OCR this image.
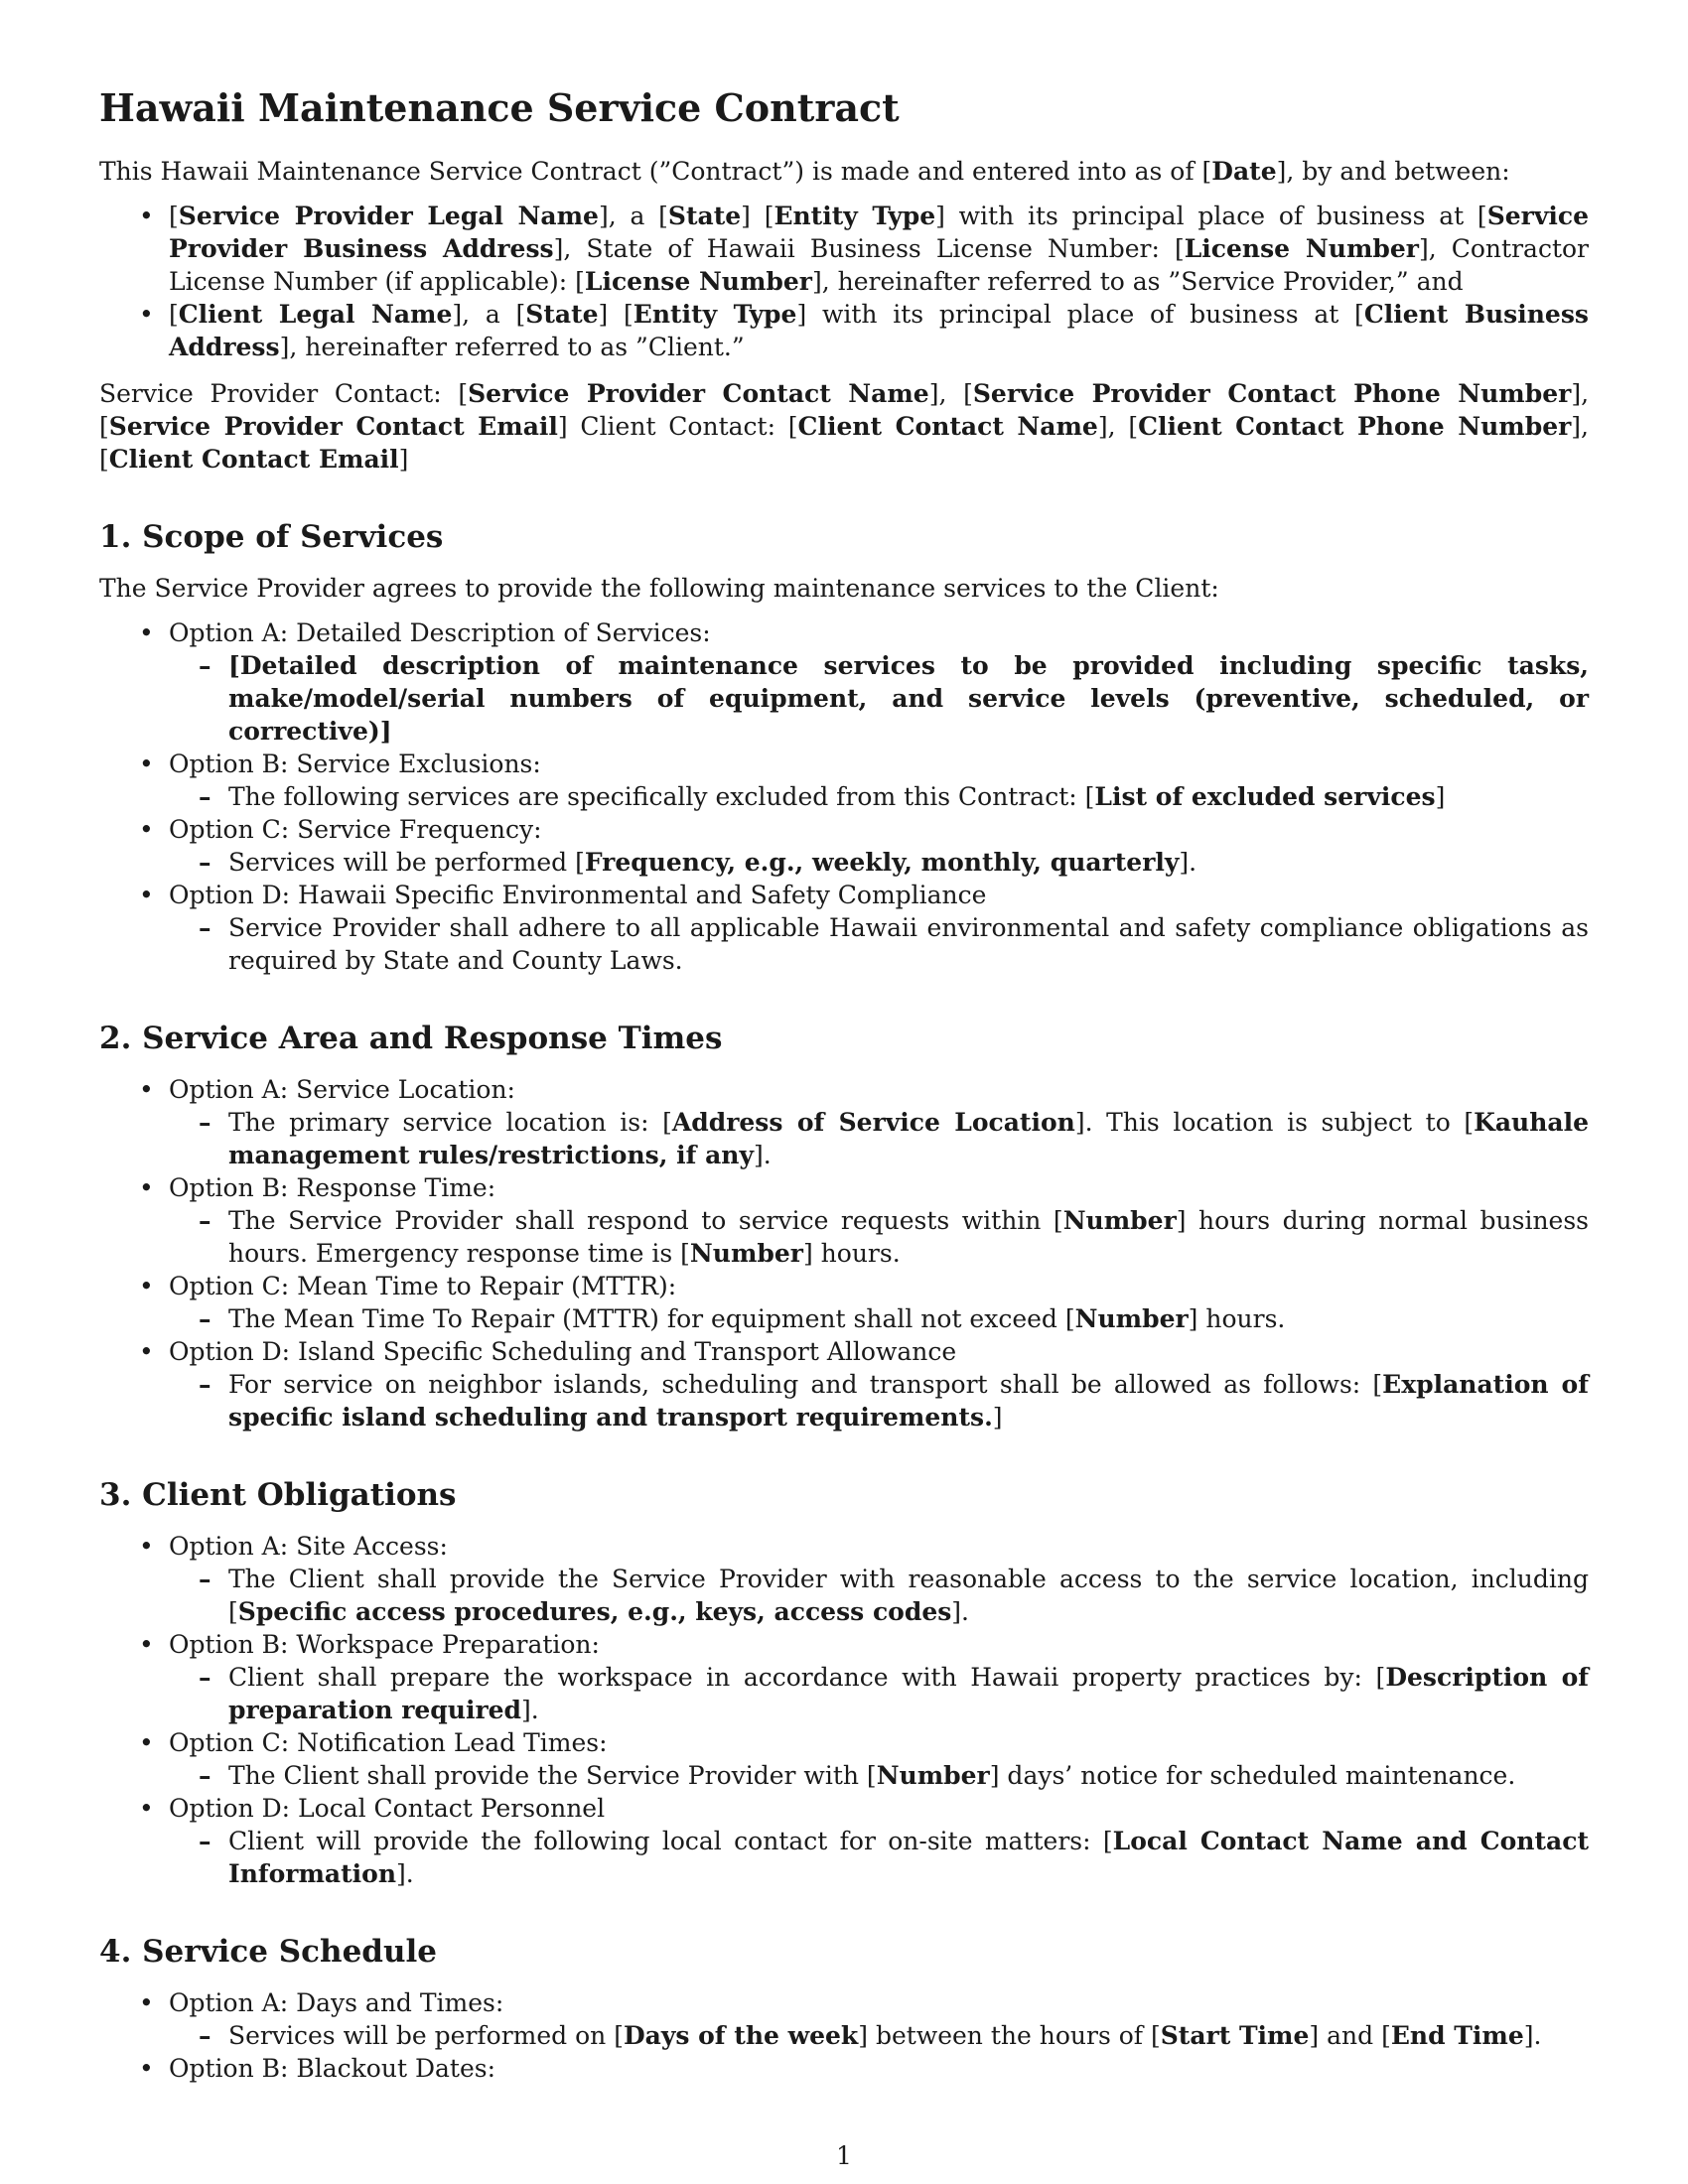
Hawaii Maintenance Service Contract

This Hawaii Maintenance Service Contract (”Contract”) is made and entered into as of [Date], by and between:

• [Service Provider Legal Name], a [State] [Entity Type] with its principal place of business at [Service Provider Business Address], State of Hawaii Business License Number: [License Number], Contractor License Number (if applicable): [License Number], hereinafter referred to as ”Service Provider,” and
• [Client Legal Name], a [State] [Entity Type] with its principal place of business at [Client Business Address], hereinafter referred to as ”Client.”

Service Provider Contact: [Service Provider Contact Name], [Service Provider Contact Phone Number], [Service Provider Contact Email] Client Contact: [Client Contact Name], [Client Contact Phone Number], [Client Contact Email]

1. Scope of Services

The Service Provider agrees to provide the following maintenance services to the Client:

• Option A: Detailed Description of Services:
– [Detailed description of maintenance services to be provided including specific tasks, make/model/serial numbers of equipment, and service levels (preventive, scheduled, or corrective)]
• Option B: Service Exclusions:
– The following services are specifically excluded from this Contract: [List of excluded services]
• Option C: Service Frequency:
– Services will be performed [Frequency, e.g., weekly, monthly, quarterly].
• Option D: Hawaii Specific Environmental and Safety Compliance
– Service Provider shall adhere to all applicable Hawaii environmental and safety compliance obligations as required by State and County Laws.
2. Service Area and Response Times
• Option A: Service Location:
– The primary service location is: [Address of Service Location]. This location is subject to [Kauhale management rules/restrictions, if any].
• Option B: Response Time:
– The Service Provider shall respond to service requests within [Number] hours during normal business hours. Emergency response time is [Number] hours.
• Option C: Mean Time to Repair (MTTR):
– The Mean Time To Repair (MTTR) for equipment shall not exceed [Number] hours.
• Option D: Island Specific Scheduling and Transport Allowance
– For service on neighbor islands, scheduling and transport shall be allowed as follows: [Explanation of specific island scheduling and transport requirements.]
3. Client Obligations
• Option A: Site Access:
– The Client shall provide the Service Provider with reasonable access to the service location, including [Specific access procedures, e.g., keys, access codes].
• Option B: Workspace Preparation:
– Client shall prepare the workspace in accordance with Hawaii property practices by: [Description of preparation required].
• Option C: Notification Lead Times:
– The Client shall provide the Service Provider with [Number] days’ notice for scheduled maintenance.
• Option D: Local Contact Personnel
– Client will provide the following local contact for on-site matters: [Local Contact Name and Contact Information].
4. Service Schedule
• Option A: Days and Times:
– Services will be performed on [Days of the week] between the hours of [Start Time] and [End Time].
• Option B: Blackout Dates:
1
